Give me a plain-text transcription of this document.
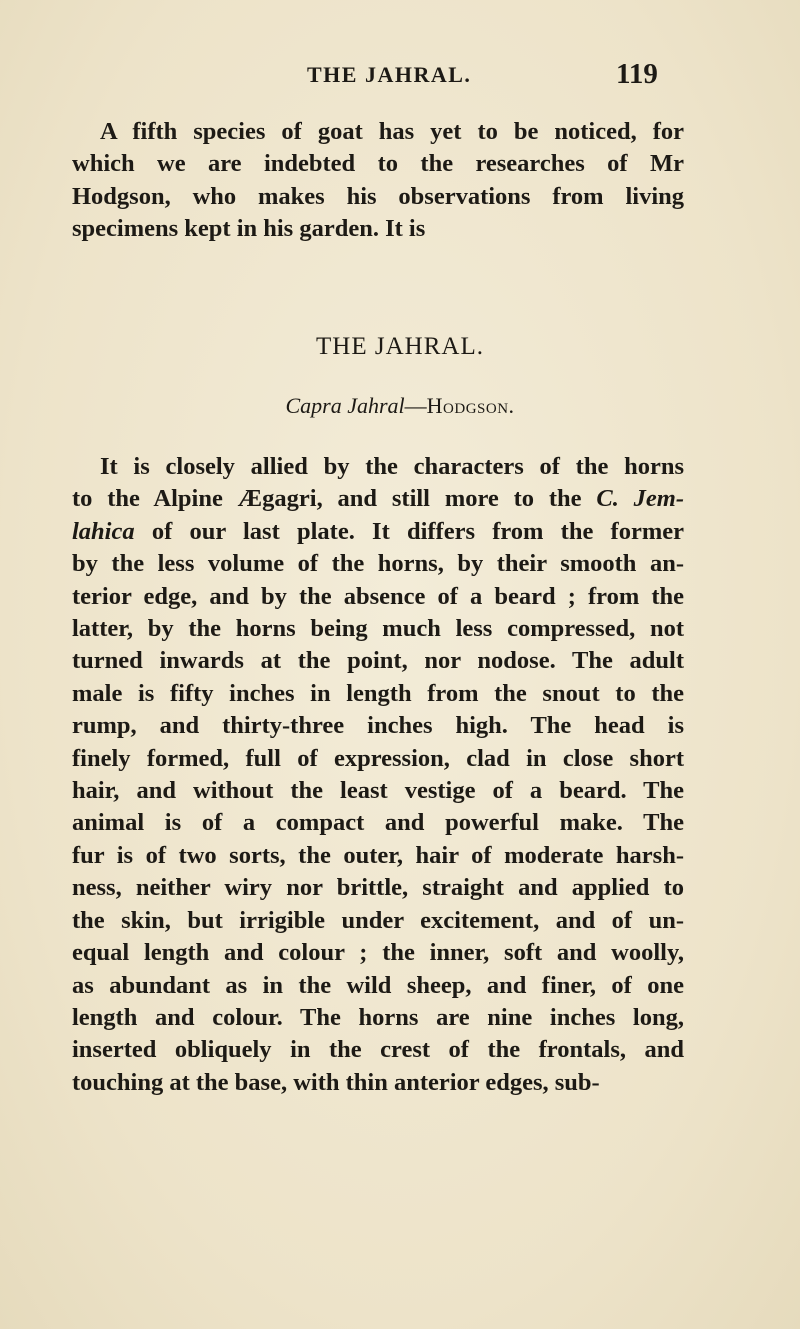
THE JAHRAL.	119

A fifth species of goat has yet to be noticed, for
which we are indebted to the researches of Mr
Hodgson, who makes his observations from living
specimens kept in his garden. It is

THE JAHRAL.
Capra Jahral—Hodgson.

It is closely allied by the characters of the horns
to the Alpine Ægagri, and still more to the C. Jem-
lahica of our last plate. It differs from the former
by the less volume of the horns, by their smooth an-
terior edge, and by the absence of a beard ; from the
latter, by the horns being much less compressed, not
turned inwards at the point, nor nodose. The adult
male is fifty inches in length from the snout to the
rump, and thirty-three inches high. The head is
finely formed, full of expression, clad in close short
hair, and without the least vestige of a beard. The
animal is of a compact and powerful make. The
fur is of two sorts, the outer, hair of moderate harsh-
ness, neither wiry nor brittle, straight and applied to
the skin, but irrigible under excitement, and of un-
equal length and colour ; the inner, soft and woolly,
as abundant as in the wild sheep, and finer, of one
length and colour. The horns are nine inches long,
inserted obliquely in the crest of the frontals, and
touching at the base, with thin anterior edges, sub-
